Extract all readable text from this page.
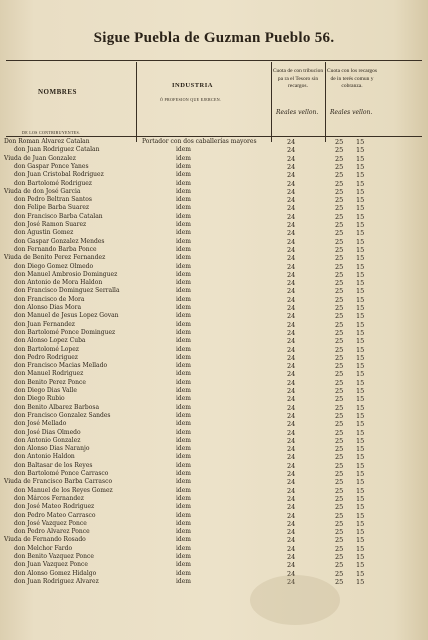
Sigue Puebla de Guzman Pueblo 56.
NOMBRES
DE LOS CONTRIBUYENTES.
INDUSTRIA
Ó PROFESION QUE EJERCEN.
Cuota de con tribucion pa ra el Tesoro sin recargos.
Cuota con los recargos de in terés comun y cobranza.
Reales vellon. Reales vellon.
Don Roman Alvarez Catalan	Portador con dos caballerías mayores	24	25 15
don Juan Rodriguez Catalan	idem	24	25 15
Viuda de Juan Gonzalez	idem	24	25 15
don Gaspar Ponce Yanes	idem	24	25 15
don Juan Cristobal Rodriguez	idem	24	25 15
don Bartolomé Rodriguez	idem	24	25 15
Viuda de don José Garcia	idem	24	25 15
don Pedro Beltran Santos	idem	24	25 15
don Felipe Barba Suarez	idem	24	25 15
don Francisco Barba Catalan	idem	24	25 15
don José Ramon Suarez	idem	24	25 15
don Agustin Gomez	idem	24	25 15
don Gaspar Gonzalez Mendes	idem	24	25 15
don Fernando Barba Ponce	idem	24	25 15
Viuda de Benito Perez Fernandez	idem	24	25 15
don Diego Gomez Olmedo	idem	24	25 15
don Manuel Ambrosio Dominguez	idem	24	25 15
don Antonio de Mora Haldon	idem	24	25 15
don Francisco Dominguez Serralla	idem	24	25 15
don Francisco de Mora	idem	24	25 15
don Alonso Dias Mora	idem	24	25 15
don Manuel de Jesus Lopez Govan	idem	24	25 15
don Juan Fernandez	idem	24	25 15
don Bartolomé Ponce Dominguez	idem	24	25 15
don Alonso Lopez Cuba	idem	24	25 15
don Bartolomé Lopez	idem	24	25 15
don Pedro Rodriguez	idem	24	25 15
don Francisco Macias Mellado	idem	24	25 15
don Manuel Rodriguez	idem	24	25 15
don Benito Perez Ponce	idem	24	25 15
don Diego Dias Valle	idem	24	25 15
don Diego Rubio	idem	24	25 15
don Benito Albarez Barbosa	idem	24	25 15
don Francisco Gonzalez Sandes	idem	24	25 15
don José Mellado	idem	24	25 15
don José Dias Olmedo	idem	24	25 15
don Antonio Gonzalez	idem	24	25 15
don Alonso Dias Naranjo	idem	24	25 15
don Antonio Haldon	idem	24	25 15
don Baltasar de los Reyes	idem	24	25 15
don Bartolomé Ponce Carrasco	idem	24	25 15
Viuda de Francisco Barba Carrasco	idem	24	25 15
don Manuel de los Reyes Gomez	idem	24	25 15
don Márcos Fernandez	idem	24	25 15
don José Mateo Rodriguez	idem	24	25 15
don Pedro Mateo Carrasco	idem	24	25 15
don José Vazquez Ponce	idem	24	25 15
don Pedro Alvarez Ponce	idem	24	25 15
Viuda de Fernando Rosado	idem	24	25 15
don Melchor Fardo	idem	24	25 15
don Benito Vazquez Ponce	idem	24	25 15
don Juan Vazquez Ponce	idem	24	25 15
don Alonso Gomez Hidalgo	idem	24	25 15
don Juan Rodriguez Alvarez	idem	24	25 15
